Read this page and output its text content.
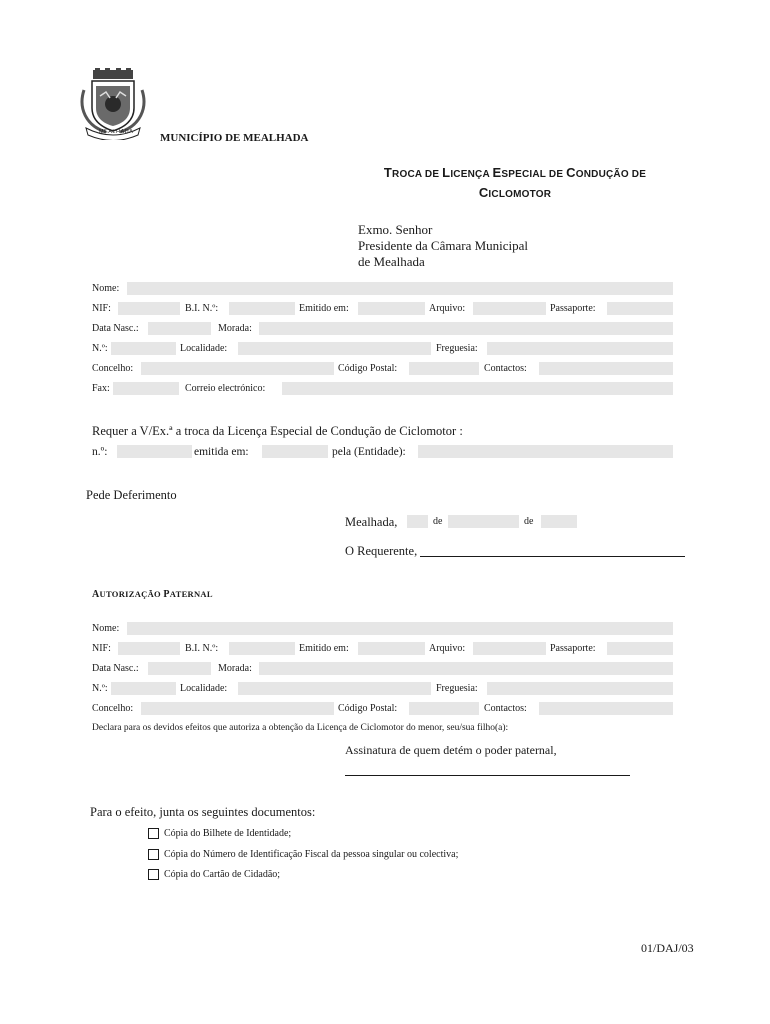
MEALHADA MUNICÍPIO DE MEALHADA
TROCA DE LICENÇA ESPECIAL DE CONDUÇÃO DE
CICLOMOTOR
Exmo. Senhor
Presidente da Câmara Municipal
de Mealhada
Nome:
NIF:	B.I. N.º:	Emitido em:	Arquivo:	Passaporte:
Data Nasc.:	Morada:
N.º:	Localidade:	Freguesia:
Concelho:	Código Postal:	Contactos:
Fax:	Correio electrónico:
Requer a V/Ex.ª a troca da Licença Especial de Condução de Ciclomotor :
n.º:	emitida em:	pela (Entidade):
Pede Deferimento
Mealhada,	de	de
O Requerente,
AUTORIZAÇÃO PATERNAL
Nome:
NIF:	B.I. N.º:	Emitido em:	Arquivo:	Passaporte:
Data Nasc.:	Morada:
N.º:	Localidade:	Freguesia:
Concelho:	Código Postal:	Contactos:
Declara para os devidos efeitos que autoriza a obtenção da Licença de Ciclomotor do menor, seu/sua filho(a):
Assinatura de quem detém o poder paternal,
Para o efeito, junta os seguintes documentos:
Cópia do Bilhete de Identidade;
Cópia do Número de Identificação Fiscal da pessoa singular ou colectiva;
Cópia do Cartão de Cidadão;
01/DAJ/03
